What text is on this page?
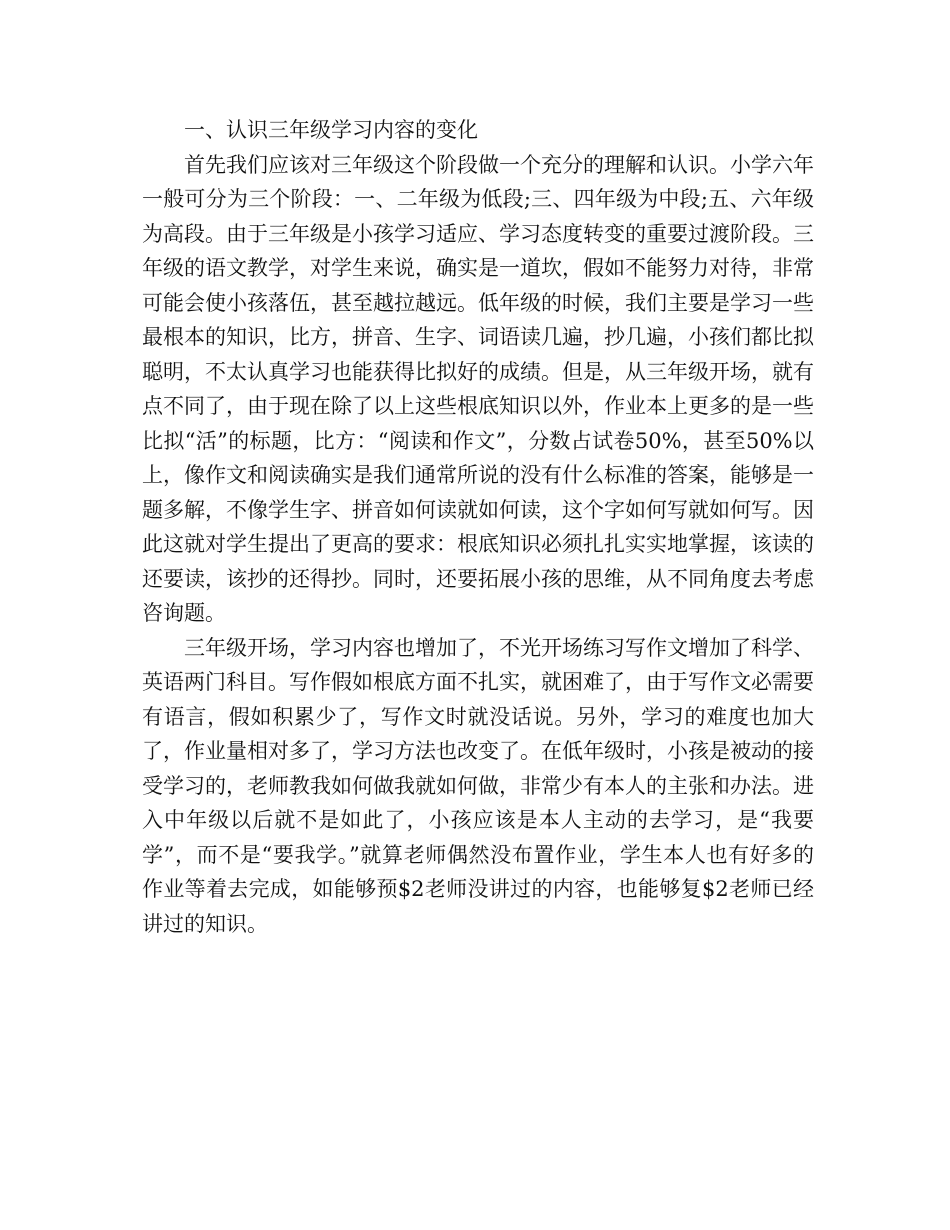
一、认识三年级学习内容的变化

首先我们应该对三年级这个阶段做一个充分的理解和认识。小学六年一般可分为三个阶段：一、二年级为低段;三、四年级为中段;五、六年级为高段。由于三年级是小孩学习适应、学习态度转变的重要过渡阶段。三年级的语文教学，对学生来说，确实是一道坎，假如不能努力对待，非常可能会使小孩落伍，甚至越拉越远。低年级的时候，我们主要是学习一些最根本的知识，比方，拼音、生字、词语读几遍，抄几遍，小孩们都比拟聪明，不太认真学习也能获得比拟好的成绩。但是，从三年级开场，就有点不同了，由于现在除了以上这些根底知识以外，作业本上更多的是一些比拟“活”的标题，比方：“阅读和作文”，分数占试卷50%，甚至50%以上，像作文和阅读确实是我们通常所说的没有什么标准的答案，能够是一题多解，不像学生字、拼音如何读就如何读，这个字如何写就如何写。因此这就对学生提出了更高的要求：根底知识必须扎扎实实地掌握，该读的还要读，该抄的还得抄。同时，还要拓展小孩的思维，从不同角度去考虑咨询题。

三年级开场，学习内容也增加了，不光开场练习写作文增加了科学、英语两门科目。写作假如根底方面不扎实，就困难了，由于写作文必需要有语言，假如积累少了，写作文时就没话说。另外，学习的难度也加大了，作业量相对多了，学习方法也改变了。在低年级时，小孩是被动的接受学习的，老师教我如何做我就如何做，非常少有本人的主张和办法。进入中年级以后就不是如此了，小孩应该是本人主动的去学习，是“我要学”，而不是“要我学。”就算老师偶然没布置作业，学生本人也有好多的作业等着去完成，如能够预$2老师没讲过的内容，也能够复$2老师已经讲过的知识。
